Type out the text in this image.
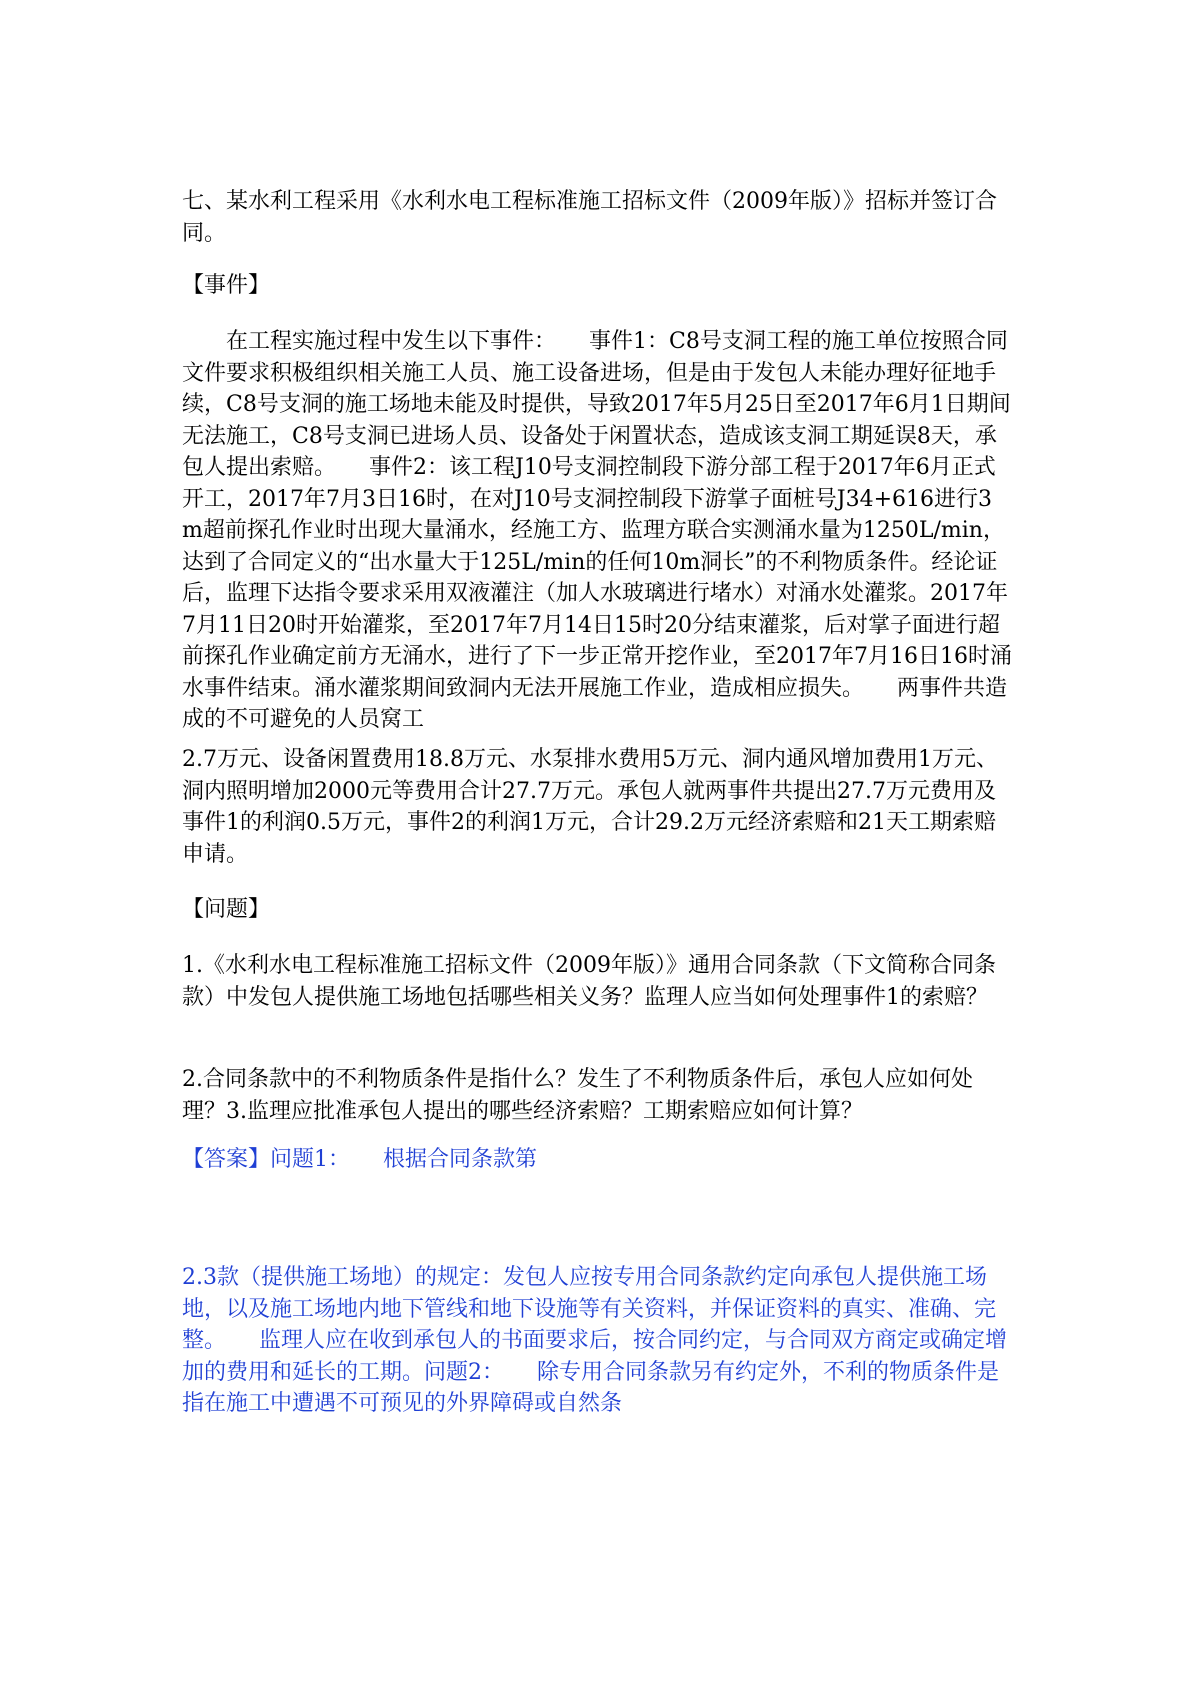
七、某水利工程采用《水利水电工程标准施工招标文件（2009年版）》招标并签订合同。

【事件】

　　在工程实施过程中发生以下事件：　　事件1：C8号支洞工程的施工单位按照合同文件要求积极组织相关施工人员、施工设备进场，但是由于发包人未能办理好征地手续，C8号支洞的施工场地未能及时提供，导致2017年5月25日至2017年6月1日期间无法施工，C8号支洞已进场人员、设备处于闲置状态，造成该支洞工期延误8天，承包人提出索赔。　　事件2：该工程J10号支洞控制段下游分部工程于2017年6月正式开工，2017年7月3日16时，在对J10号支洞控制段下游掌子面桩号J34+616进行3m超前探孔作业时出现大量涌水，经施工方、监理方联合实测涌水量为1250L/min，达到了合同定义的“出水量大于125L/min的任何10m洞长”的不利物质条件。经论证后，监理下达指令要求采用双液灌注（加人水玻璃进行堵水）对涌水处灌浆。2017年7月11日20时开始灌浆，至2017年7月14日15时20分结束灌浆，后对掌子面进行超前探孔作业确定前方无涌水，进行了下一步正常开挖作业，至2017年7月16日16时涌水事件结束。涌水灌浆期间致洞内无法开展施工作业，造成相应损失。　　两事件共造成的不可避免的人员窝工

2.7万元、设备闲置费用18.8万元、水泵排水费用5万元、洞内通风增加费用1万元、洞内照明增加2000元等费用合计27.7万元。承包人就两事件共提出27.7万元费用及事件1的利润0.5万元，事件2的利润1万元，合计29.2万元经济索赔和21天工期索赔申请。

【问题】

1.《水利水电工程标准施工招标文件（2009年版）》通用合同条款（下文简称合同条款）中发包人提供施工场地包括哪些相关义务？监理人应当如何处理事件1的索赔？

2.合同条款中的不利物质条件是指什么？发生了不利物质条件后，承包人应如何处理？3.监理应批准承包人提出的哪些经济索赔？工期索赔应如何计算？

【答案】问题1：　　根据合同条款第

2.3款（提供施工场地）的规定：发包人应按专用合同条款约定向承包人提供施工场地，以及施工场地内地下管线和地下设施等有关资料，并保证资料的真实、准确、完整。　　监理人应在收到承包人的书面要求后，按合同约定，与合同双方商定或确定增加的费用和延长的工期。问题2：　　除专用合同条款另有约定外，不利的物质条件是指在施工中遭遇不可预见的外界障碍或自然条
